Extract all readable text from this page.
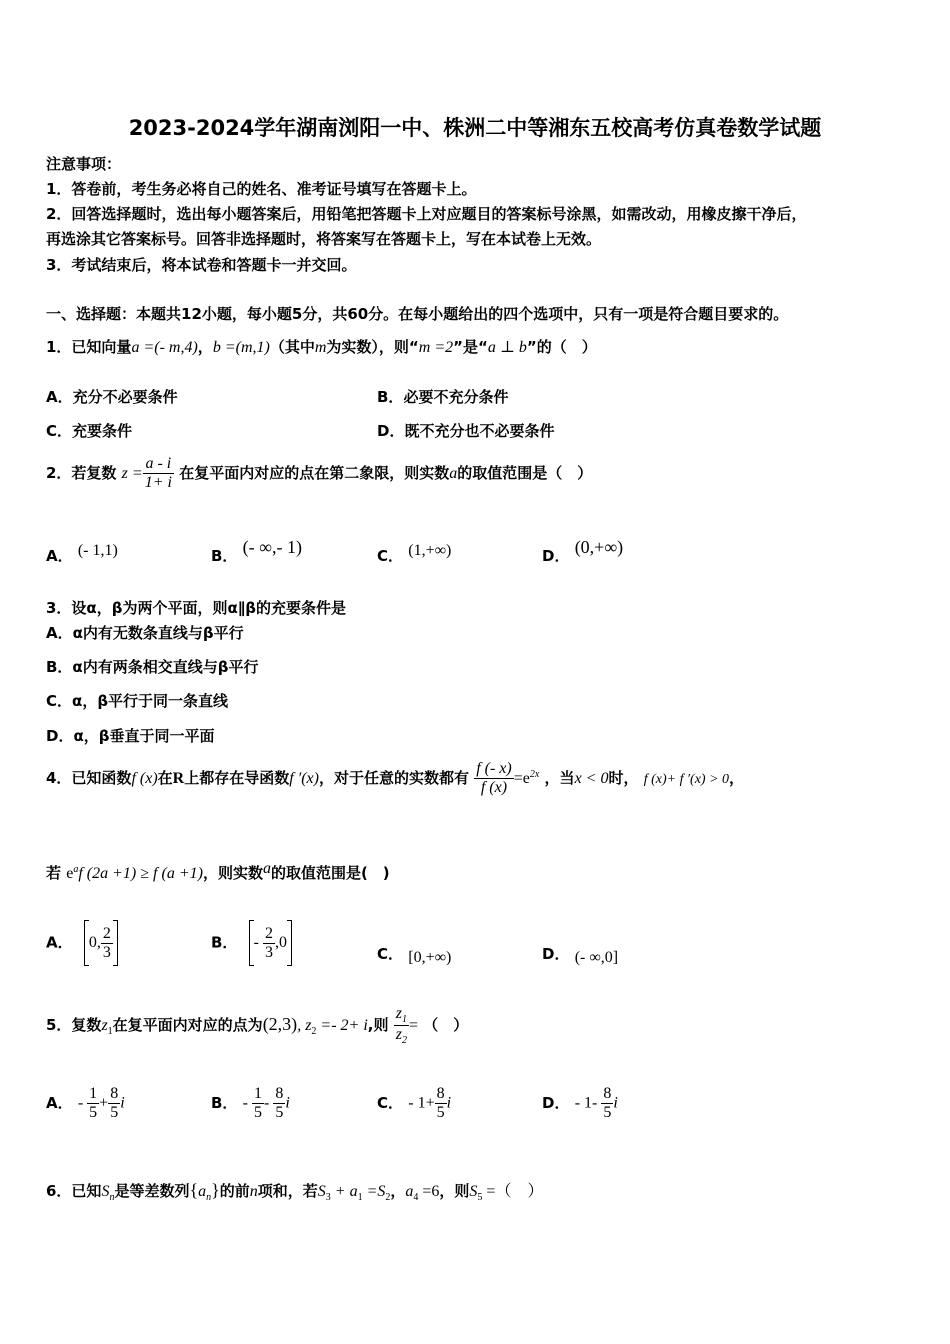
2023-2024学年湖南浏阳一中、株洲二中等湘东五校高考仿真卷数学试题
注意事项：
1．答卷前，考生务必将自己的姓名、准考证号填写在答题卡上。
2．回答选择题时，选出每小题答案后，用铅笔把答题卡上对应题目的答案标号涂黑，如需改动，用橡皮擦干净后，
再选涂其它答案标号。回答非选择题时，将答案写在答题卡上，写在本试卷上无效。
3．考试结束后，将本试卷和答题卡一并交回。
一、选择题：本题共12小题，每小题5分，共60分。在每小题给出的四个选项中，只有一项是符合题目要求的。
1．已知向量a =(- m,4)，b =(m,1)（其中m为实数），则“m =2”是“a ⊥ b”的（　）
A．充分不必要条件	B．必要不充分条件
C．充要条件	D．既不充分也不必要条件
2．若复数 $z = \frac{a - i}{1+ i}$ 在复平面内对应的点在第二象限，则实数a的取值范围是（　）
A． (- 1,1)	B． (- ∞,- 1)	C． (1,+∞)	D． (0,+∞)
3．设α，β为两个平面，则α∥β的充要条件是
A．α内有无数条直线与β平行
B．α内有两条相交直线与β平行
C．α，β平行于同一条直线
D．α，β垂直于同一平面
4．已知函数f (x)在R上都存在导函数f ′(x)，对于任意的实数都有 $\frac{f (- x)}{f (x)} =e^{2x}$ ，当x < 0时， f (x)+ f ′(x) > 0，
若 $e^af$ (2a +1) ≥ f (a +1)，则实数a的取值范围是(　)
A． 0, $\frac{2}{3}$	B． - $\frac{2}{3} ,0$
C． [0,+∞)	D． (- ∞,0]
5．复数$z_1$在复平面内对应的点为(2,3), $z_2 =- 2+ i$,则 $\frac{z_1}{z_2}$ = （　）
A． - $\frac{1}{5} + \frac{8}{5}$ i	B． - $\frac{1}{5} - \frac{8}{5}$ i	C． - $1+ \frac{8}{5}$ i	D． - $1- \frac{8}{5}$ i
6．已知$S_n$是等差数列$\{a_n\}$的前n项和，若$S_3 + a_1 =S_2$，$a_4 =6$，则$S_5$ =（　）
